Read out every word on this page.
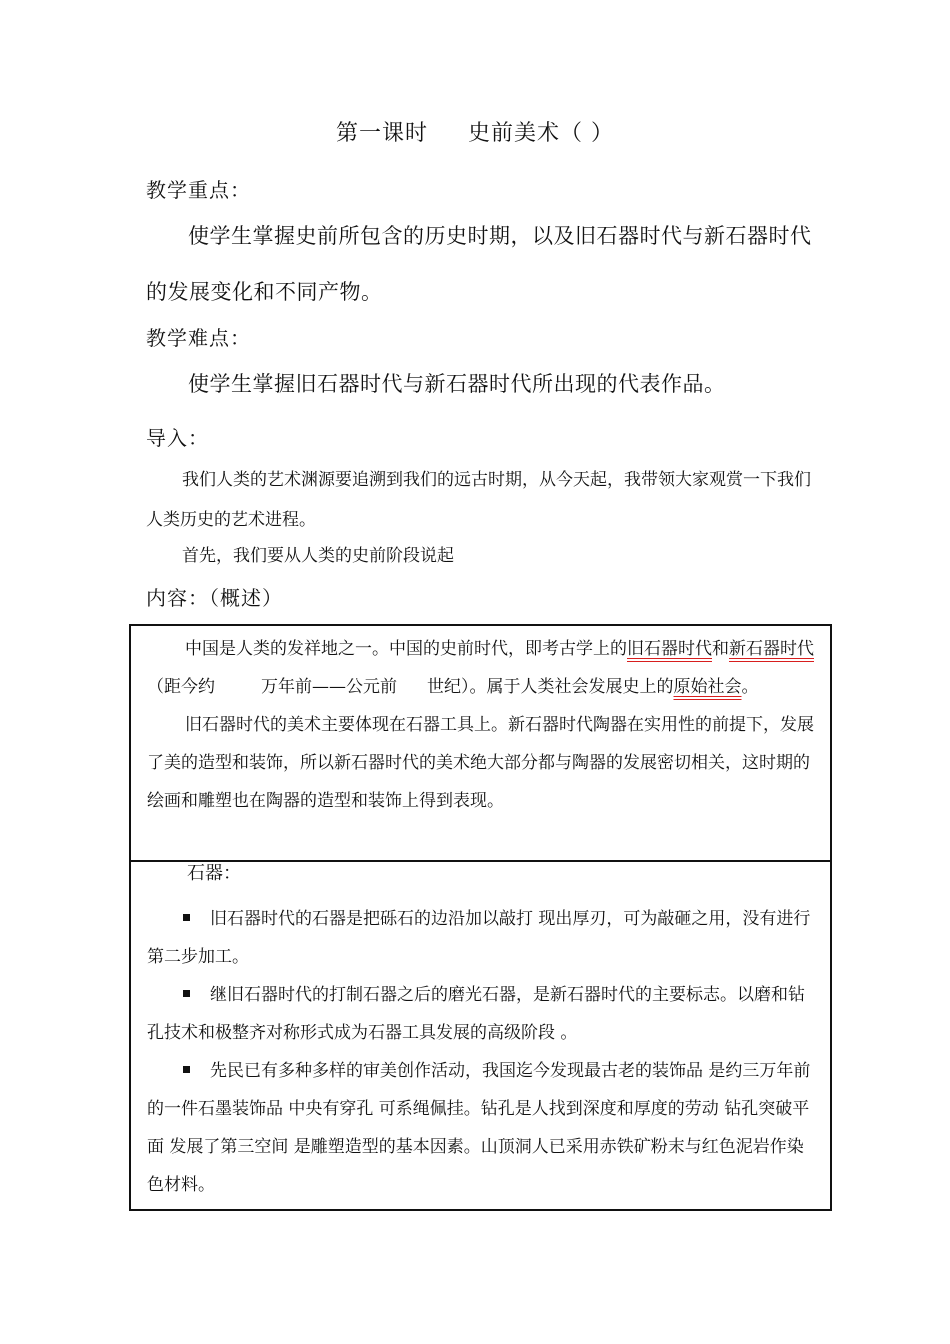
第一课时 史前美术（ ）
教学重点：
使学生掌握史前所包含的历史时期，以及旧石器时代与新石器时代的发展变化和不同产物。
教学难点：
使学生掌握旧石器时代与新石器时代所出现的代表作品。
导入：
我们人类的艺术渊源要追溯到我们的远古时期，从今天起，我带领大家观赏一下我们人类历史的艺术进程。
首先，我们要从人类的史前阶段说起
内容：（概述）

中国是人类的发祥地之一。中国的史前时代，即考古学上的旧石器时代和新石器时代（距今约	万年前——公元前 世纪）。属于人类社会发展史上的原始社会。

旧石器时代的美术主要体现在石器工具上。新石器时代陶器在实用性的前提下，发展了美的造型和装饰，所以新石器时代的美术绝大部分都与陶器的发展密切相关，这时期的绘画和雕塑也在陶器的造型和装饰上得到表现。

石器：
旧石器时代的石器是把砾石的边沿加以敲打 现出厚刃，可为敲砸之用，没有进行第二步加工。
继旧石器时代的打制石器之后的磨光石器，是新石器时代的主要标志。以磨和钻孔技术和极整齐对称形式成为石器工具发展的高级阶段 。
先民已有多种多样的审美创作活动，我国迄今发现最古老的装饰品 是约三万年前的一件石墨装饰品 中央有穿孔 可系绳佩挂。钻孔是人找到深度和厚度的劳动 钻孔突破平面 发展了第三空间 是雕塑造型的基本因素。山顶洞人已采用赤铁矿粉末与红色泥岩作染色材料。
